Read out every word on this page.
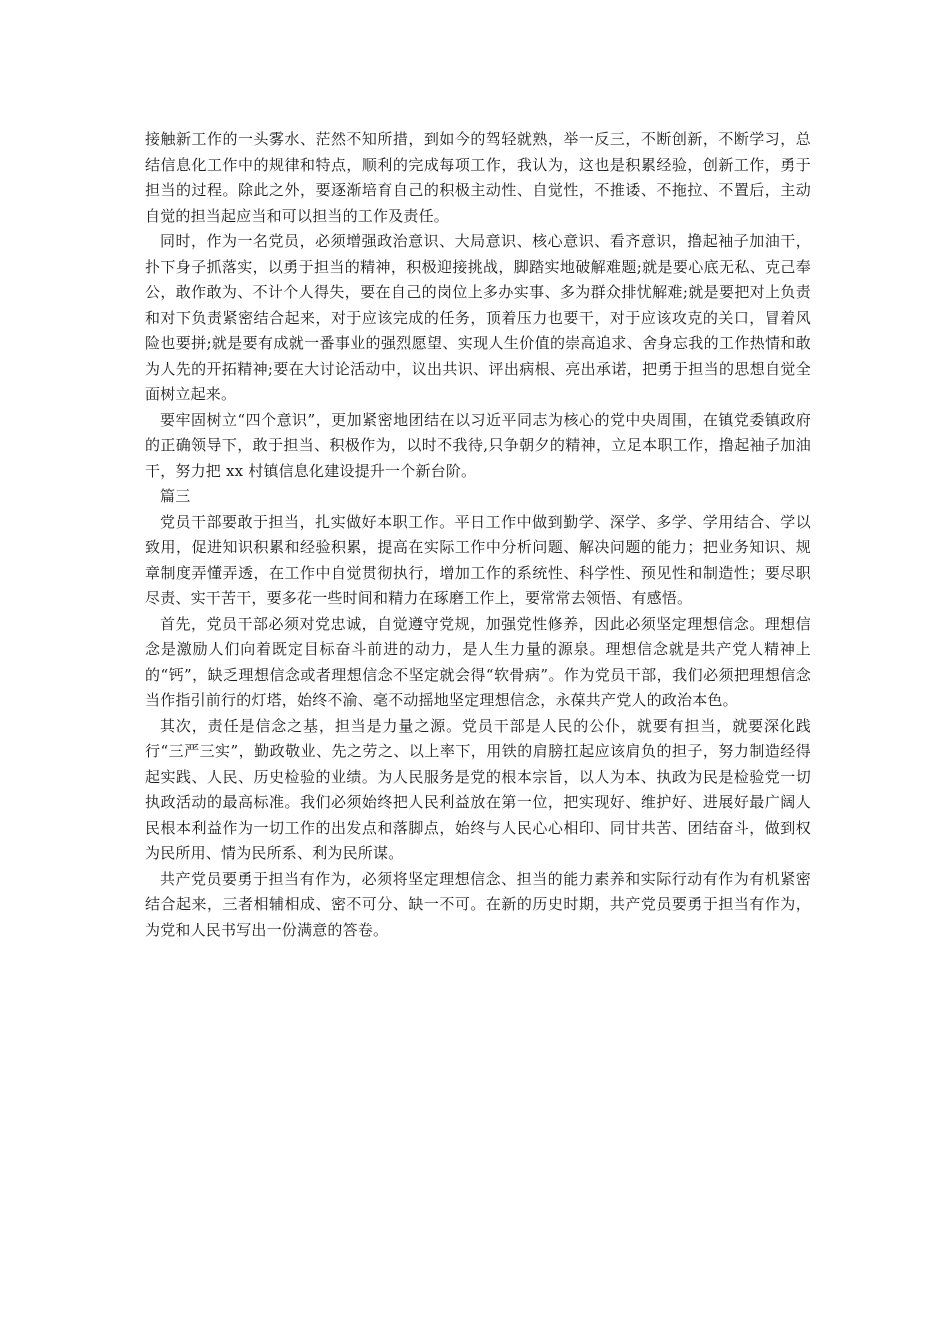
接触新工作的一头雾水、茫然不知所措，到如今的驾轻就熟，举一反三，不断创新，不断学习，总结信息化工作中的规律和特点，顺利的完成每项工作，我认为，这也是积累经验，创新工作，勇于担当的过程。除此之外，要逐渐培育自己的积极主动性、自觉性，不推诿、不拖拉、不置后，主动自觉的担当起应当和可以担当的工作及责任。

同时，作为一名党员，必须增强政治意识、大局意识、核心意识、看齐意识，撸起袖子加油干，扑下身子抓落实，以勇于担当的精神，积极迎接挑战，脚踏实地破解难题;就是要心底无私、克己奉公，敢作敢为、不计个人得失，要在自己的岗位上多办实事、多为群众排忧解难;就是要把对上负责和对下负责紧密结合起来，对于应该完成的任务，顶着压力也要干，对于应该攻克的关口，冒着风险也要拼;就是要有成就一番事业的强烈愿望、实现人生价值的崇高追求、舍身忘我的工作热情和敢为人先的开拓精神;要在大讨论活动中，议出共识、评出病根、亮出承诺，把勇于担当的思想自觉全面树立起来。

要牢固树立“四个意识”，更加紧密地团结在以习近平同志为核心的党中央周围，在镇党委镇政府的正确领导下，敢于担当、积极作为，以时不我待,只争朝夕的精神，立足本职工作，撸起袖子加油干，努力把 xx 村镇信息化建设提升一个新台阶。

篇三

党员干部要敢于担当，扎实做好本职工作。平日工作中做到勤学、深学、多学、学用结合、学以致用，促进知识积累和经验积累，提高在实际工作中分析问题、解决问题的能力；把业务知识、规章制度弄懂弄透，在工作中自觉贯彻执行，增加工作的系统性、科学性、预见性和制造性；要尽职尽责、实干苦干，要多花一些时间和精力在琢磨工作上，要常常去领悟、有感悟。

首先，党员干部必须对党忠诚，自觉遵守党规，加强党性修养，因此必须坚定理想信念。理想信念是激励人们向着既定目标奋斗前进的动力，是人生力量的源泉。理想信念就是共产党人精神上的“钙”，缺乏理想信念或者理想信念不坚定就会得“软骨病”。作为党员干部，我们必须把理想信念当作指引前行的灯塔，始终不渝、毫不动摇地坚定理想信念，永葆共产党人的政治本色。

其次，责任是信念之基，担当是力量之源。党员干部是人民的公仆，就要有担当，就要深化践行“三严三实”，勤政敬业、先之劳之、以上率下，用铁的肩膀扛起应该肩负的担子，努力制造经得起实践、人民、历史检验的业绩。为人民服务是党的根本宗旨，以人为本、执政为民是检验党一切执政活动的最高标准。我们必须始终把人民利益放在第一位，把实现好、维护好、进展好最广阔人民根本利益作为一切工作的出发点和落脚点，始终与人民心心相印、同甘共苦、团结奋斗，做到权为民所用、情为民所系、利为民所谋。

共产党员要勇于担当有作为，必须将坚定理想信念、担当的能力素养和实际行动有作为有机紧密结合起来，三者相辅相成、密不可分、缺一不可。在新的历史时期，共产党员要勇于担当有作为，为党和人民书写出一份满意的答卷。
